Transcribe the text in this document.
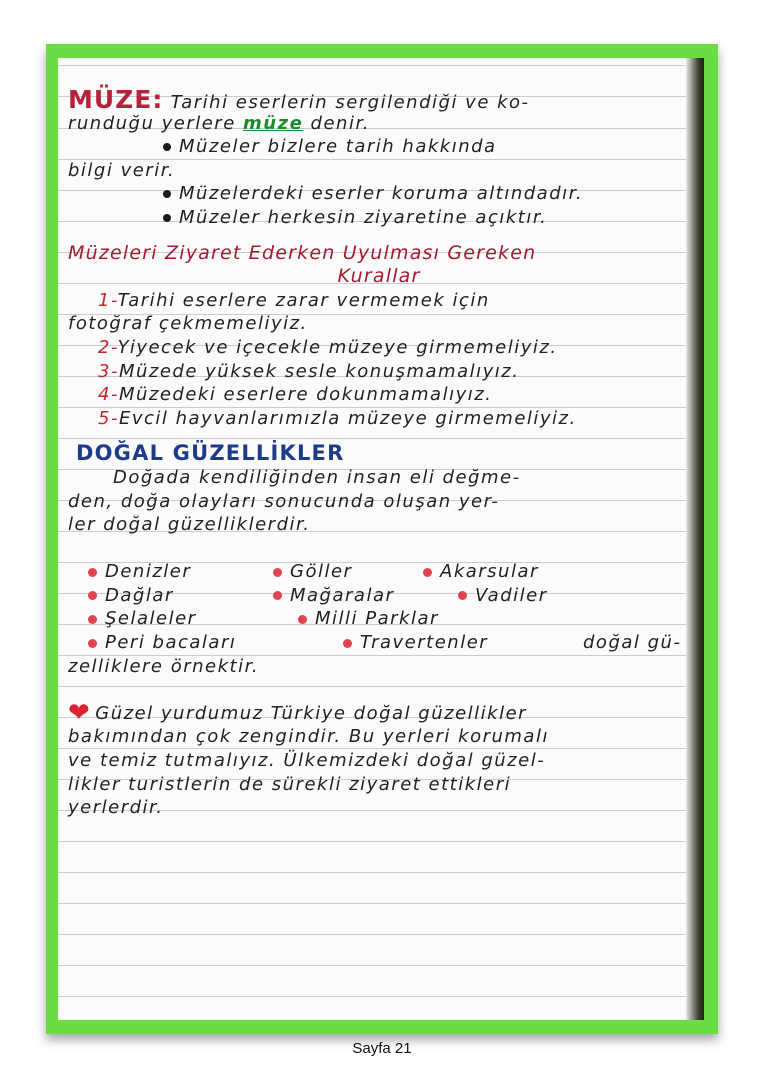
MÜZE: Tarihi eserlerin sergilendiği ve ko-
runduğu yerlere müze denir.
Müzeler bizlere tarih hakkında
bilgi verir.
Müzelerdeki eserler koruma altındadır.
Müzeler herkesin ziyaretine açıktır.
Müzeleri Ziyaret Ederken Uyulması Gereken
Kurallar
1-Tarihi eserlere zarar vermemek için
fotoğraf çekmemeliyiz.
2-Yiyecek ve içecekle müzeye girmemeliyiz.
3-Müzede yüksek sesle konuşmamalıyız.
4-Müzedeki eserlere dokunmamalıyız.
5-Evcil hayvanlarımızla müzeye girmemeliyiz.
DOĞAL GÜZELLİKLER
Doğada kendiliğinden insan eli değme-
den, doğa olayları sonucunda oluşan yer-
ler doğal güzelliklerdir.
Denizler	Göller	Akarsular
Dağlar	Mağaralar	Vadiler
Şelaleler	Milli Parklar
Peri bacaları	Travertenler	doğal gü-
zelliklere örnektir.
❤ Güzel yurdumuz Türkiye doğal güzellikler
bakımından çok zengindir. Bu yerleri korumalı
ve temiz tutmalıyız. Ülkemizdeki doğal güzel-
likler turistlerin de sürekli ziyaret ettikleri
yerlerdir.
Sayfa 21
